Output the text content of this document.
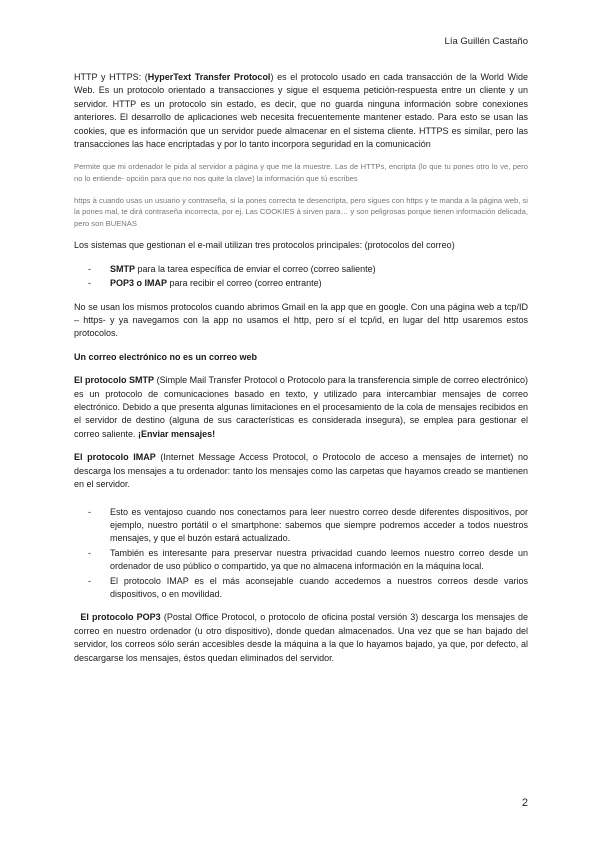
Lía Guillén Castaño

HTTP y HTTPS: (HyperText Transfer Protocol) es el protocolo usado en cada transacción de la World Wide Web. Es un protocolo orientado a transacciones y sigue el esquema petición-respuesta entre un cliente y un servidor. HTTP es un protocolo sin estado, es decir, que no guarda ninguna información sobre conexiones anteriores. El desarrollo de aplicaciones web necesita frecuentemente mantener estado. Para esto se usan las cookies, que es información que un servidor puede almacenar en el sistema cliente. HTTPS es similar, pero las transacciones las hace encriptadas y por lo tanto incorpora seguridad en la comunicación

Permite que mi ordenador le pida al servidor a página y que me la muestre. Las de HTTPs, encripta (lo que tu pones otro lo ve, pero no lo entiende- opción para que no nos quite la clave) la información que tú escribes

https à cuando usas un usuario y contraseña, si la pones correcta te desencripta, pero sigues con https y te manda a la página web, si la pones mal, te dirá contraseña incorrecta, por ej. Las COOKIES à sirven para… y son peligrosas porque tienen información delicada, pero son BUENAS

Los sistemas que gestionan el e-mail utilizan tres protocolos principales: (protocolos del correo)

- SMTP para la tarea específica de enviar el correo (correo saliente)
- POP3 o IMAP para recibir el correo (correo entrante)

No se usan los mismos protocolos cuando abrimos Gmail en la app que en google. Con una página web a tcp/ID – https- y ya navegamos con la app no usamos el http, pero sí el tcp/id, en lugar del http usaremos estos protocolos.

Un correo electrónico no es un correo web

El protocolo SMTP (Simple Mail Transfer Protocol o Protocolo para la transferencia simple de correo electrónico) es un protocolo de comunicaciones basado en texto, y utilizado para intercambiar mensajes de correo electrónico. Debido a que presenta algunas limitaciones en el procesamiento de la cola de mensajes recibidos en el servidor de destino (alguna de sus características es considerada insegura), se emplea para gestionar el correo saliente. ¡Enviar mensajes!

El protocolo IMAP (Internet Message Access Protocol, o Protocolo de acceso a mensajes de internet) no descarga los mensajes a tu ordenador: tanto los mensajes como las carpetas que hayamos creado se mantienen en el servidor.

- Esto es ventajoso cuando nos conectamos para leer nuestro correo desde diferentes dispositivos, por ejemplo, nuestro portátil o el smartphone: sabemos que siempre podremos acceder a todos nuestros mensajes, y que el buzón estará actualizado.
- También es interesante para preservar nuestra privacidad cuando leemos nuestro correo desde un ordenador de uso público o compartido, ya que no almacena información en la máquina local.
- El protocolo IMAP es el más aconsejable cuando accedemos a nuestros correos desde varios dispositivos, o en movilidad.

El protocolo POP3 (Postal Office Protocol, o protocolo de oficina postal versión 3) descarga los mensajes de correo en nuestro ordenador (u otro dispositivo), donde quedan almacenados. Una vez que se han bajado del servidor, los correos sólo serán accesibles desde la máquina a la que lo hayamos bajado, ya que, por defecto, al descargarse los mensajes, éstos quedan eliminados del servidor.

2
